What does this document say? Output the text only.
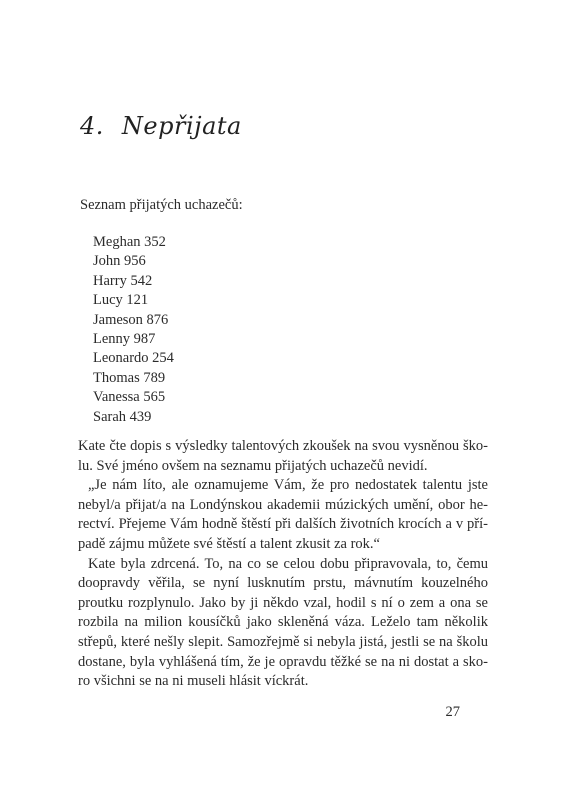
4. Nepřijata
Seznam přijatých uchazečů:
Meghan 352
John 956
Harry 542
Lucy 121
Jameson 876
Lenny 987
Leonardo 254
Thomas 789
Vanessa 565
Sarah 439

Kate čte dopis s výsledky talentových zkoušek na svou vysněnou ško-lu. Své jméno ovšem na seznamu přijatých uchazečů nevidí.

„Je nám líto, ale oznamujeme Vám, že pro nedostatek talentu jste nebyl/a přijat/a na Londýnskou akademii múzických umění, obor he-rectví. Přejeme Vám hodně štěstí při dalších životních krocích a v pří-padě zájmu můžete své štěstí a talent zkusit za rok.“

Kate byla zdrcená. To, na co se celou dobu připravovala, to, čemu doopravdy věřila, se nyní lusknutím prstu, mávnutím kouzelného proutku rozplynulo. Jako by ji někdo vzal, hodil s ní o zem a ona se rozbila na milion kousíčků jako skleněná váza. Leželo tam několik střepů, které nešly slepit. Samozřejmě si nebyla jistá, jestli se na školu dostane, byla vyhlášená tím, že je opravdu těžké se na ni dostat a sko-ro všichni se na ni museli hlásit víckrát.

27
